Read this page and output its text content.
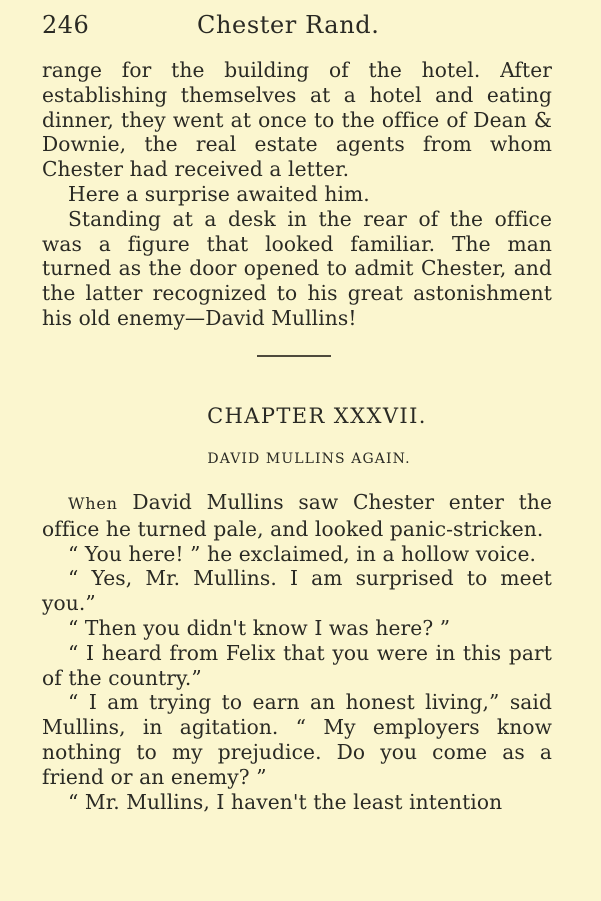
246	Chester Rand.

range for the building of the hotel. After establishing themselves at a hotel and eating dinner, they went at once to the office of Dean & Downie, the real estate agents from whom Chester had received a letter.

Here a surprise awaited him.

Standing at a desk in the rear of the office was a figure that looked familiar. The man turned as the door opened to admit Chester, and the latter recognized to his great astonishment his old enemy—David Mullins!

CHAPTER XXXVII.
DAVID MULLINS AGAIN.

When David Mullins saw Chester enter the office he turned pale, and looked panic-stricken.

“ You here! ” he exclaimed, in a hollow voice.

“ Yes, Mr. Mullins. I am surprised to meet you.”

“ Then you didn't know I was here? ”

“ I heard from Felix that you were in this part of the country.”

“ I am trying to earn an honest living,” said Mullins, in agitation. “ My employers know nothing to my prejudice. Do you come as a friend or an enemy? ”

“ Mr. Mullins, I haven't the least intention
